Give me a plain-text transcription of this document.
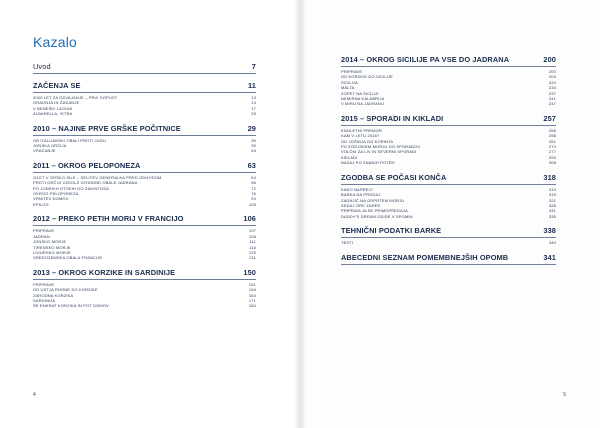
Kazalo
Uvod	7
ZAČENJA SE	11
2000 LET ZA ODVAJANJE – PRVI DOPUST	13
GRADNJA IN ČAKANJE	14
V BENEŠKI LAGUNI	17
ALBARELLA, ISTRA	25
2010 – NAJINE PRVE GRŠKE POČITNICE	29
OB ITALIJANSKI OBALI PROTI JUGU	30
JONSKA GRČIJA	39
VRAČANJE	54
2011 – OKROG PELOPONEZA	63
IZLET V GRŠKO SILE – SELITEV GENERALKA PRED ODHODOM	64
PROTI GRČIJI VZDOLŽ VZHODNE OBALE JADRANA	66
PO JONSKIH OTOKIH DO ZAKINTOSA	72
OKROG PELOPONEZA	76
VRNITEV DOMOV	94
EPILOG	105
2012 – PREKO PETIH MORIJ V FRANCIJO	106
PRIPRAVE	107
JADRAN	108
JONSKO MORJE	111
TIRENSKO MORJE	116
LIGURSKO MORJE	125
SREDOZEMSKA OBALA FRANCIJE	131
2013 – OKROG KORZIKE IN SARDINIJE	150
PRIPRAVE	151
OD USTJA RHONE DO KORZIKE	154
ZAHODNA KORZIKA	164
SARDINIJA	171
ŠE ENKRAT KORZIKA IN POT DOMOV	184
4
2014 – OKROG SICILIJE PA VSE DO JADRANA	200
PRIPRAVE	200
OD KORZIKE DO SICILIJE	203
SICILIJA	220
MALTA	234
ZOPET NA SICILIJI	237
NEMIRNA KALABRIJA	241
V MIRU NA JADRANU	247
2015 – SPORADI IN KIKLADI	257
ENOLETNI PREMOR	258
KAM V LETU 2016?	258
OD JOŠINJA DO KORINTA	261
PO EGEJSKEM MORJU DO SPORADOV	274
VOLČKI ZA LIV IN SEVERNI SPORADI	277
KIKLADI	293
NAZAJ PO ZNANIH POTEH	308
ZGODBA SE POČASI KONČA	318
KAKO NAPREJ?	319
BARKA NA PRODAJ	319
ZADNJIČ NA ODPRTEM MORJU	321
SEDAJ GRE ZARES	328
PRIPRAVLJA SE PRIMOPREDAJA	331
DADDY'S DREAM ODIDE V SPOMIN	335
TEHNIČNI PODATKI BARKE	338
TESTI	340
ABECEDNI SEZNAM POMEMBNEJŠIH OPOMB	341
5
